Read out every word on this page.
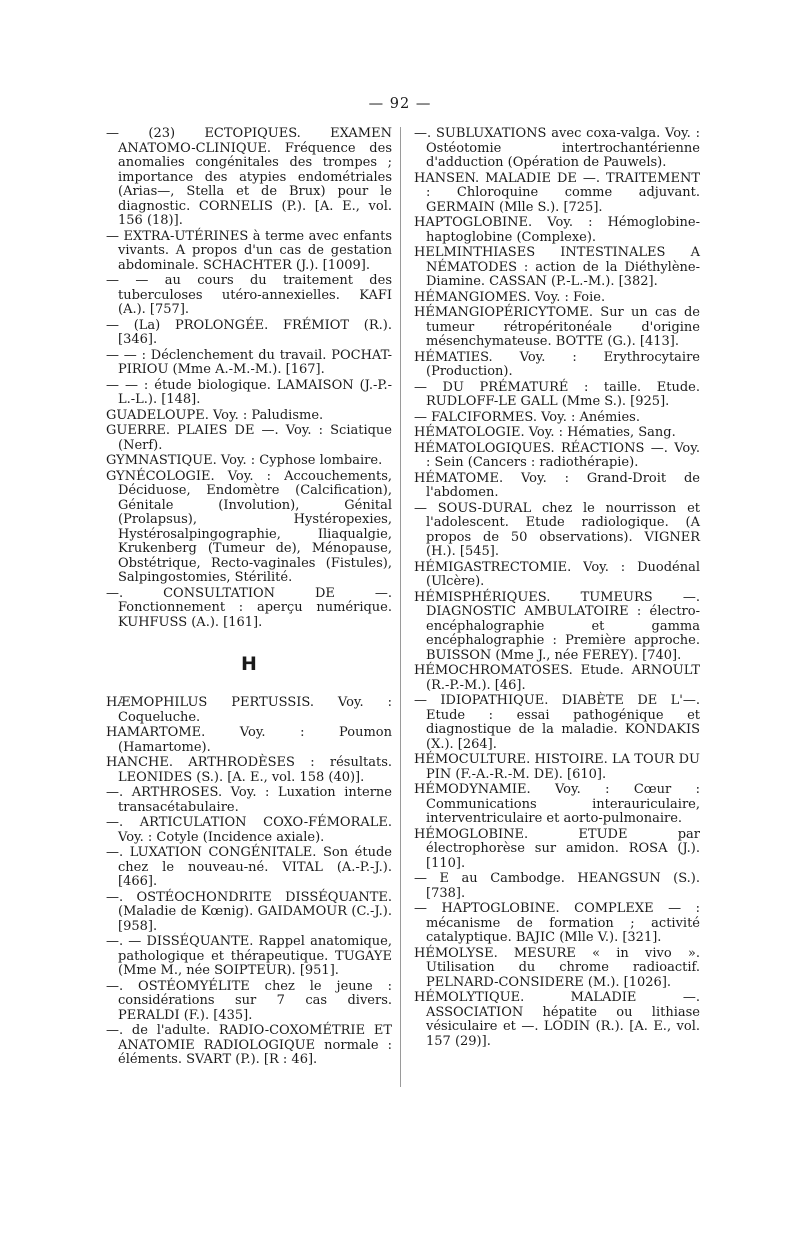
— 92 —
— (23) ECTOPIQUES. EXAMEN ANATOMO-CLINIQUE. Fréquence des anomalies congénitales des trompes ; importance des atypies endométriales (Arias—, Stella et de Brux) pour le diagnostic. CORNELIS (P.). [A. E., vol. 156 (18)].
— EXTRA-UTÉRINES à terme avec enfants vivants. A propos d'un cas de gestation abdominale. SCHACHTER (J.). [1009].
— — au cours du traitement des tuberculoses utéro-annexielles. KAFI (A.). [757].
— (La) PROLONGÉE. FRÉMIOT (R.). [346].
— — : Déclenchement du travail. POCHAT-PIRIOU (Mme A.-M.-M.). [167].
— — : étude biologique. LAMAISON (J.-P.-L.-L.). [148].
GUADELOUPE. Voy. : Paludisme.
GUERRE. PLAIES DE —. Voy. : Sciatique (Nerf).
GYMNASTIQUE. Voy. : Cyphose lombaire.
GYNÉCOLOGIE. Voy. : Accouchements, Déciduose, Endomètre (Calcification), Génitale (Involution), Génital (Prolapsus), Hystéropexies, Hystérosalpingographie, Iliaqualgie, Krukenberg (Tumeur de), Ménopause, Obstétrique, Recto-vaginales (Fistules), Salpingostomies, Stérilité.
—. CONSULTATION DE —. Fonctionnement : aperçu numérique. KUHFUSS (A.). [161].
H
HÆMOPHILUS PERTUSSIS. Voy. : Coqueluche.
HAMARTOME. Voy. : Poumon (Hamartome).
HANCHE. ARTHRODÈSES : résultats. LEONIDES (S.). [A. E., vol. 158 (40)].
—. ARTHROSES. Voy. : Luxation interne transacétabulaire.
—. ARTICULATION COXO-FÉMORALE. Voy. : Cotyle (Incidence axiale).
—. LUXATION CONGÉNITALE. Son étude chez le nouveau-né. VITAL (A.-P.-J.). [466].
—. OSTÉOCHONDRITE DISSÉQUANTE. (Maladie de Kœnig). GAIDAMOUR (C.-J.). [958].
—. — DISSÉQUANTE. Rappel anatomique, pathologique et thérapeutique. TUGAYE (Mme M., née SOIPTEUR). [951].
—. OSTÉOMYÉLITE chez le jeune : considérations sur 7 cas divers. PERALDI (F.). [435].
—. de l'adulte. RADIO-COXOMÉTRIE ET ANATOMIE RADIOLOGIQUE normale : éléments. SVART (P.). [R : 46].
—. SUBLUXATIONS avec coxa-valga. Voy. : Ostéotomie intertrochantérienne d'adduction (Opération de Pauwels).
HANSEN. MALADIE DE —. TRAITEMENT : Chloroquine comme adjuvant. GERMAIN (Mlle S.). [725].
HAPTOGLOBINE. Voy. : Hémoglobine-haptoglobine (Complexe).
HELMINTHIASES INTESTINALES A NÉMATODES : action de la Diéthylène-Diamine. CASSAN (P.-L.-M.). [382].
HÉMANGIOMES. Voy. : Foie.
HÉMANGIOPÉRICYTOME. Sur un cas de tumeur rétropéritonéale d'origine mésenchymateuse. BOTTE (G.). [413].
HÉMATIES. Voy. : Erythrocytaire (Production).
— DU PRÉMATURÉ : taille. Etude. RUDLOFF-LE GALL (Mme S.). [925].
— FALCIFORMES. Voy. : Anémies.
HÉMATOLOGIE. Voy. : Hématies, Sang.
HÉMATOLOGIQUES. RÉACTIONS —. Voy. : Sein (Cancers : radiothérapie).
HÉMATOME. Voy. : Grand-Droit de l'abdomen.
— SOUS-DURAL chez le nourrisson et l'adolescent. Etude radiologique. (A propos de 50 observations). VIGNER (H.). [545].
HÉMIGASTRECTOMIE. Voy. : Duodénal (Ulcère).
HÉMISPHÉRIQUES. TUMEURS —. DIAGNOSTIC AMBULATOIRE : électro-encéphalographie et gamma encéphalographie : Première approche. BUISSON (Mme J., née FEREY). [740].
HÉMOCHROMATOSES. Etude. ARNOULT (R.-P.-M.). [46].
— IDIOPATHIQUE. DIABÈTE DE L'—. Etude : essai pathogénique et diagnostique de la maladie. KONDAKIS (X.). [264].
HÉMOCULTURE. HISTOIRE. LA TOUR DU PIN (F.-A.-R.-M. DE). [610].
HÉMODYNAMIE. Voy. : Cœur : Communications interauriculaire, interventriculaire et aorto-pulmonaire.
HÉMOGLOBINE. ETUDE par électrophorèse sur amidon. ROSA (J.). [110].
— E au Cambodge. HEANGSUN (S.). [738].
— HAPTOGLOBINE. COMPLEXE — : mécanisme de formation ; activité catalyptique. BAJIC (Mlle V.). [321].
HÉMOLYSE. MESURE « in vivo ». Utilisation du chrome radioactif. PELNARD-CONSIDERE (M.). [1026].
HÉMOLYTIQUE. MALADIE —. ASSOCIATION hépatite ou lithiase vésiculaire et —. LODIN (R.). [A. E., vol. 157 (29)].
